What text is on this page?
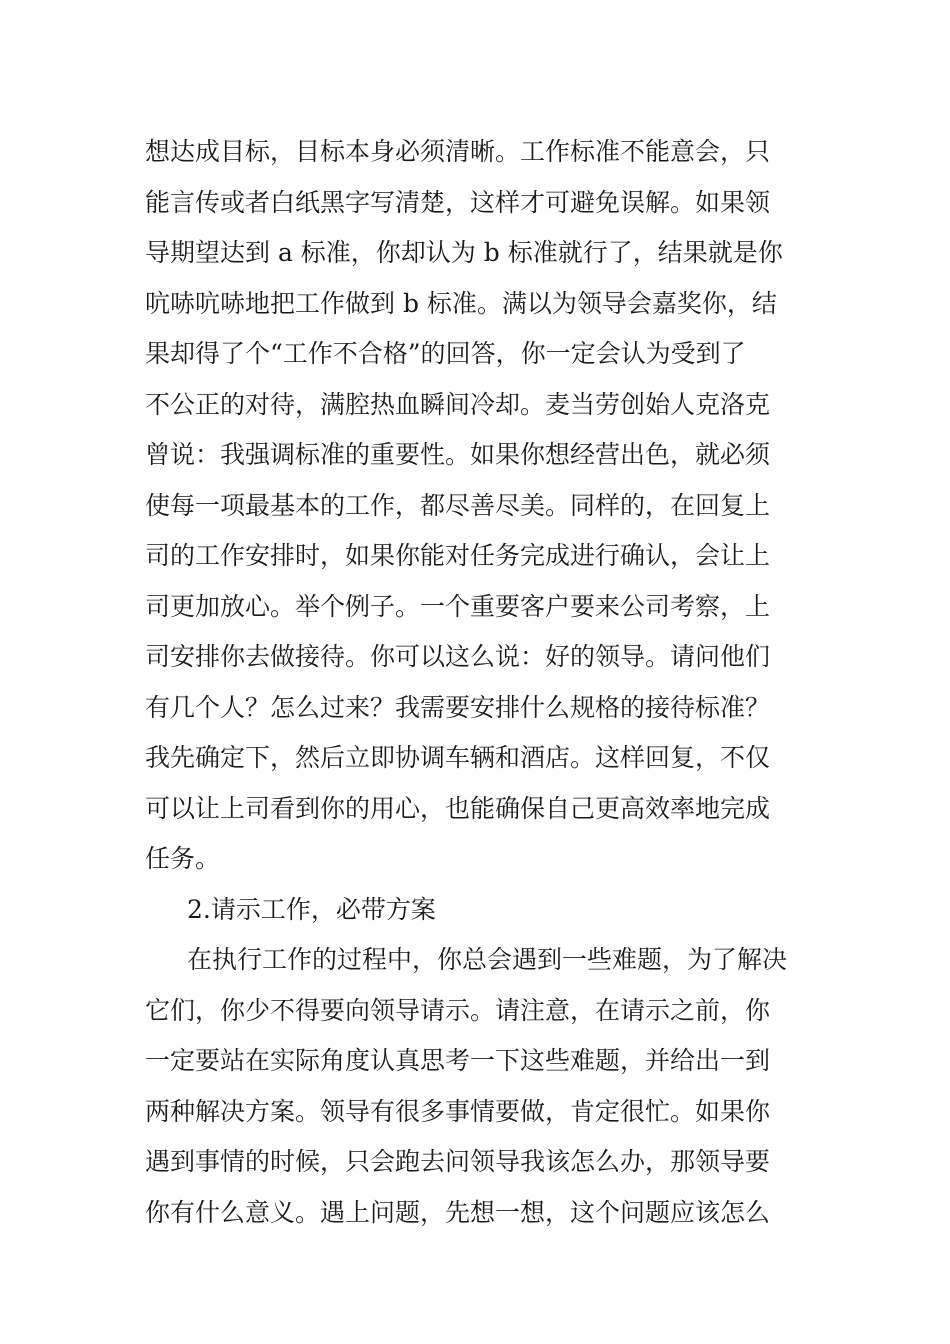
想达成目标，目标本身必须清晰。工作标准不能意会，只
能言传或者白纸黑字写清楚，这样才可避免误解。如果领
导期望达到 a 标准，你却认为 b 标准就行了，结果就是你
吭哧吭哧地把工作做到 b 标准。满以为领导会嘉奖你，结
果却得了个“工作不合格”的回答，你一定会认为受到了
不公正的对待，满腔热血瞬间冷却。麦当劳创始人克洛克
曾说：我强调标准的重要性。如果你想经营出色，就必须
使每一项最基本的工作，都尽善尽美。同样的，在回复上
司的工作安排时，如果你能对任务完成进行确认，会让上
司更加放心。举个例子。一个重要客户要来公司考察，上
司安排你去做接待。你可以这么说：好的领导。请问他们
有几个人？怎么过来？我需要安排什么规格的接待标准？
我先确定下，然后立即协调车辆和酒店。这样回复，不仅
可以让上司看到你的用心，也能确保自己更高效率地完成
任务。
2.请示工作，必带方案
在执行工作的过程中，你总会遇到一些难题，为了解决
它们，你少不得要向领导请示。请注意，在请示之前，你
一定要站在实际角度认真思考一下这些难题，并给出一到
两种解决方案。领导有很多事情要做，肯定很忙。如果你
遇到事情的时候，只会跑去问领导我该怎么办，那领导要
你有什么意义。遇上问题，先想一想，这个问题应该怎么
